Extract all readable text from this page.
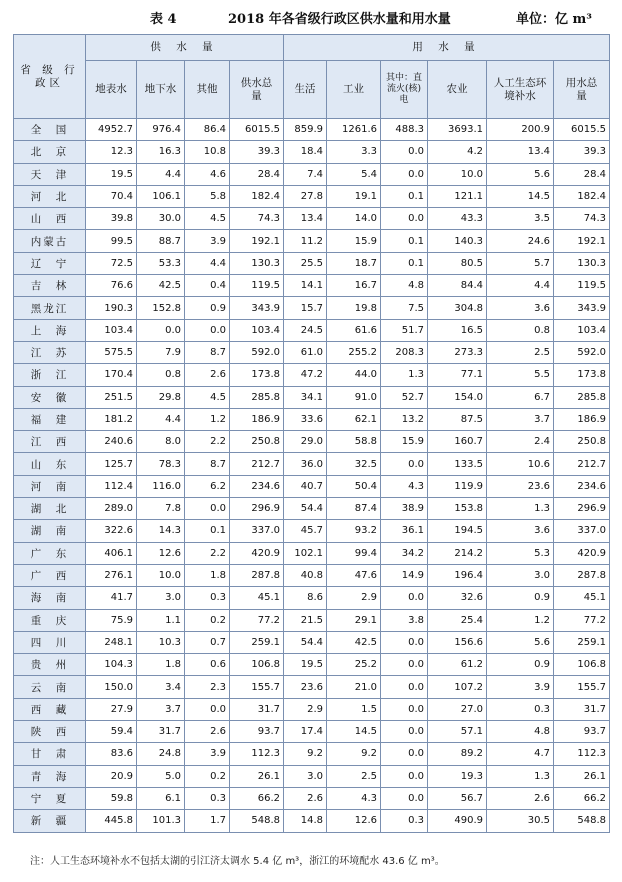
表 4	2018 年各省级行政区供水量和用水量	单位：亿 m³
省 级 行政区	供 水 量				用 水 量					
	地表水	地下水	其他	供水总量	生活	工业	其中：直流火(核)电	农业	人工生态环境补水	用水总量
全　国	4952.7	976.4	86.4	6015.5	859.9	1261.6	488.3	3693.1	200.9	6015.5
北　京	12.3	16.3	10.8	39.3	18.4	3.3	0.0	4.2	13.4	39.3
天　津	19.5	4.4	4.6	28.4	7.4	5.4	0.0	10.0	5.6	28.4
河　北	70.4	106.1	5.8	182.4	27.8	19.1	0.1	121.1	14.5	182.4
山　西	39.8	30.0	4.5	74.3	13.4	14.0	0.0	43.3	3.5	74.3
内蒙古	99.5	88.7	3.9	192.1	11.2	15.9	0.1	140.3	24.6	192.1
辽　宁	72.5	53.3	4.4	130.3	25.5	18.7	0.1	80.5	5.7	130.3
吉　林	76.6	42.5	0.4	119.5	14.1	16.7	4.8	84.4	4.4	119.5
黑龙江	190.3	152.8	0.9	343.9	15.7	19.8	7.5	304.8	3.6	343.9
上　海	103.4	0.0	0.0	103.4	24.5	61.6	51.7	16.5	0.8	103.4
江　苏	575.5	7.9	8.7	592.0	61.0	255.2	208.3	273.3	2.5	592.0
浙　江	170.4	0.8	2.6	173.8	47.2	44.0	1.3	77.1	5.5	173.8
安　徽	251.5	29.8	4.5	285.8	34.1	91.0	52.7	154.0	6.7	285.8
福　建	181.2	4.4	1.2	186.9	33.6	62.1	13.2	87.5	3.7	186.9
江　西	240.6	8.0	2.2	250.8	29.0	58.8	15.9	160.7	2.4	250.8
山　东	125.7	78.3	8.7	212.7	36.0	32.5	0.0	133.5	10.6	212.7
河　南	112.4	116.0	6.2	234.6	40.7	50.4	4.3	119.9	23.6	234.6
湖　北	289.0	7.8	0.0	296.9	54.4	87.4	38.9	153.8	1.3	296.9
湖　南	322.6	14.3	0.1	337.0	45.7	93.2	36.1	194.5	3.6	337.0
广　东	406.1	12.6	2.2	420.9	102.1	99.4	34.2	214.2	5.3	420.9
广　西	276.1	10.0	1.8	287.8	40.8	47.6	14.9	196.4	3.0	287.8
海　南	41.7	3.0	0.3	45.1	8.6	2.9	0.0	32.6	0.9	45.1
重　庆	75.9	1.1	0.2	77.2	21.5	29.1	3.8	25.4	1.2	77.2
四　川	248.1	10.3	0.7	259.1	54.4	42.5	0.0	156.6	5.6	259.1
贵　州	104.3	1.8	0.6	106.8	19.5	25.2	0.0	61.2	0.9	106.8
云　南	150.0	3.4	2.3	155.7	23.6	21.0	0.0	107.2	3.9	155.7
西　藏	27.9	3.7	0.0	31.7	2.9	1.5	0.0	27.0	0.3	31.7
陕　西	59.4	31.7	2.6	93.7	17.4	14.5	0.0	57.1	4.8	93.7
甘　肃	83.6	24.8	3.9	112.3	9.2	9.2	0.0	89.2	4.7	112.3
青　海	20.9	5.0	0.2	26.1	3.0	2.5	0.0	19.3	1.3	26.1
宁　夏	59.8	6.1	0.3	66.2	2.6	4.3	0.0	56.7	2.6	66.2
新　疆	445.8	101.3	1.7	548.8	14.8	12.6	0.3	490.9	30.5	548.8
注：人工生态环境补水不包括太湖的引江济太调水 5.4 亿 m³，浙江的环境配水 43.6 亿 m³。
